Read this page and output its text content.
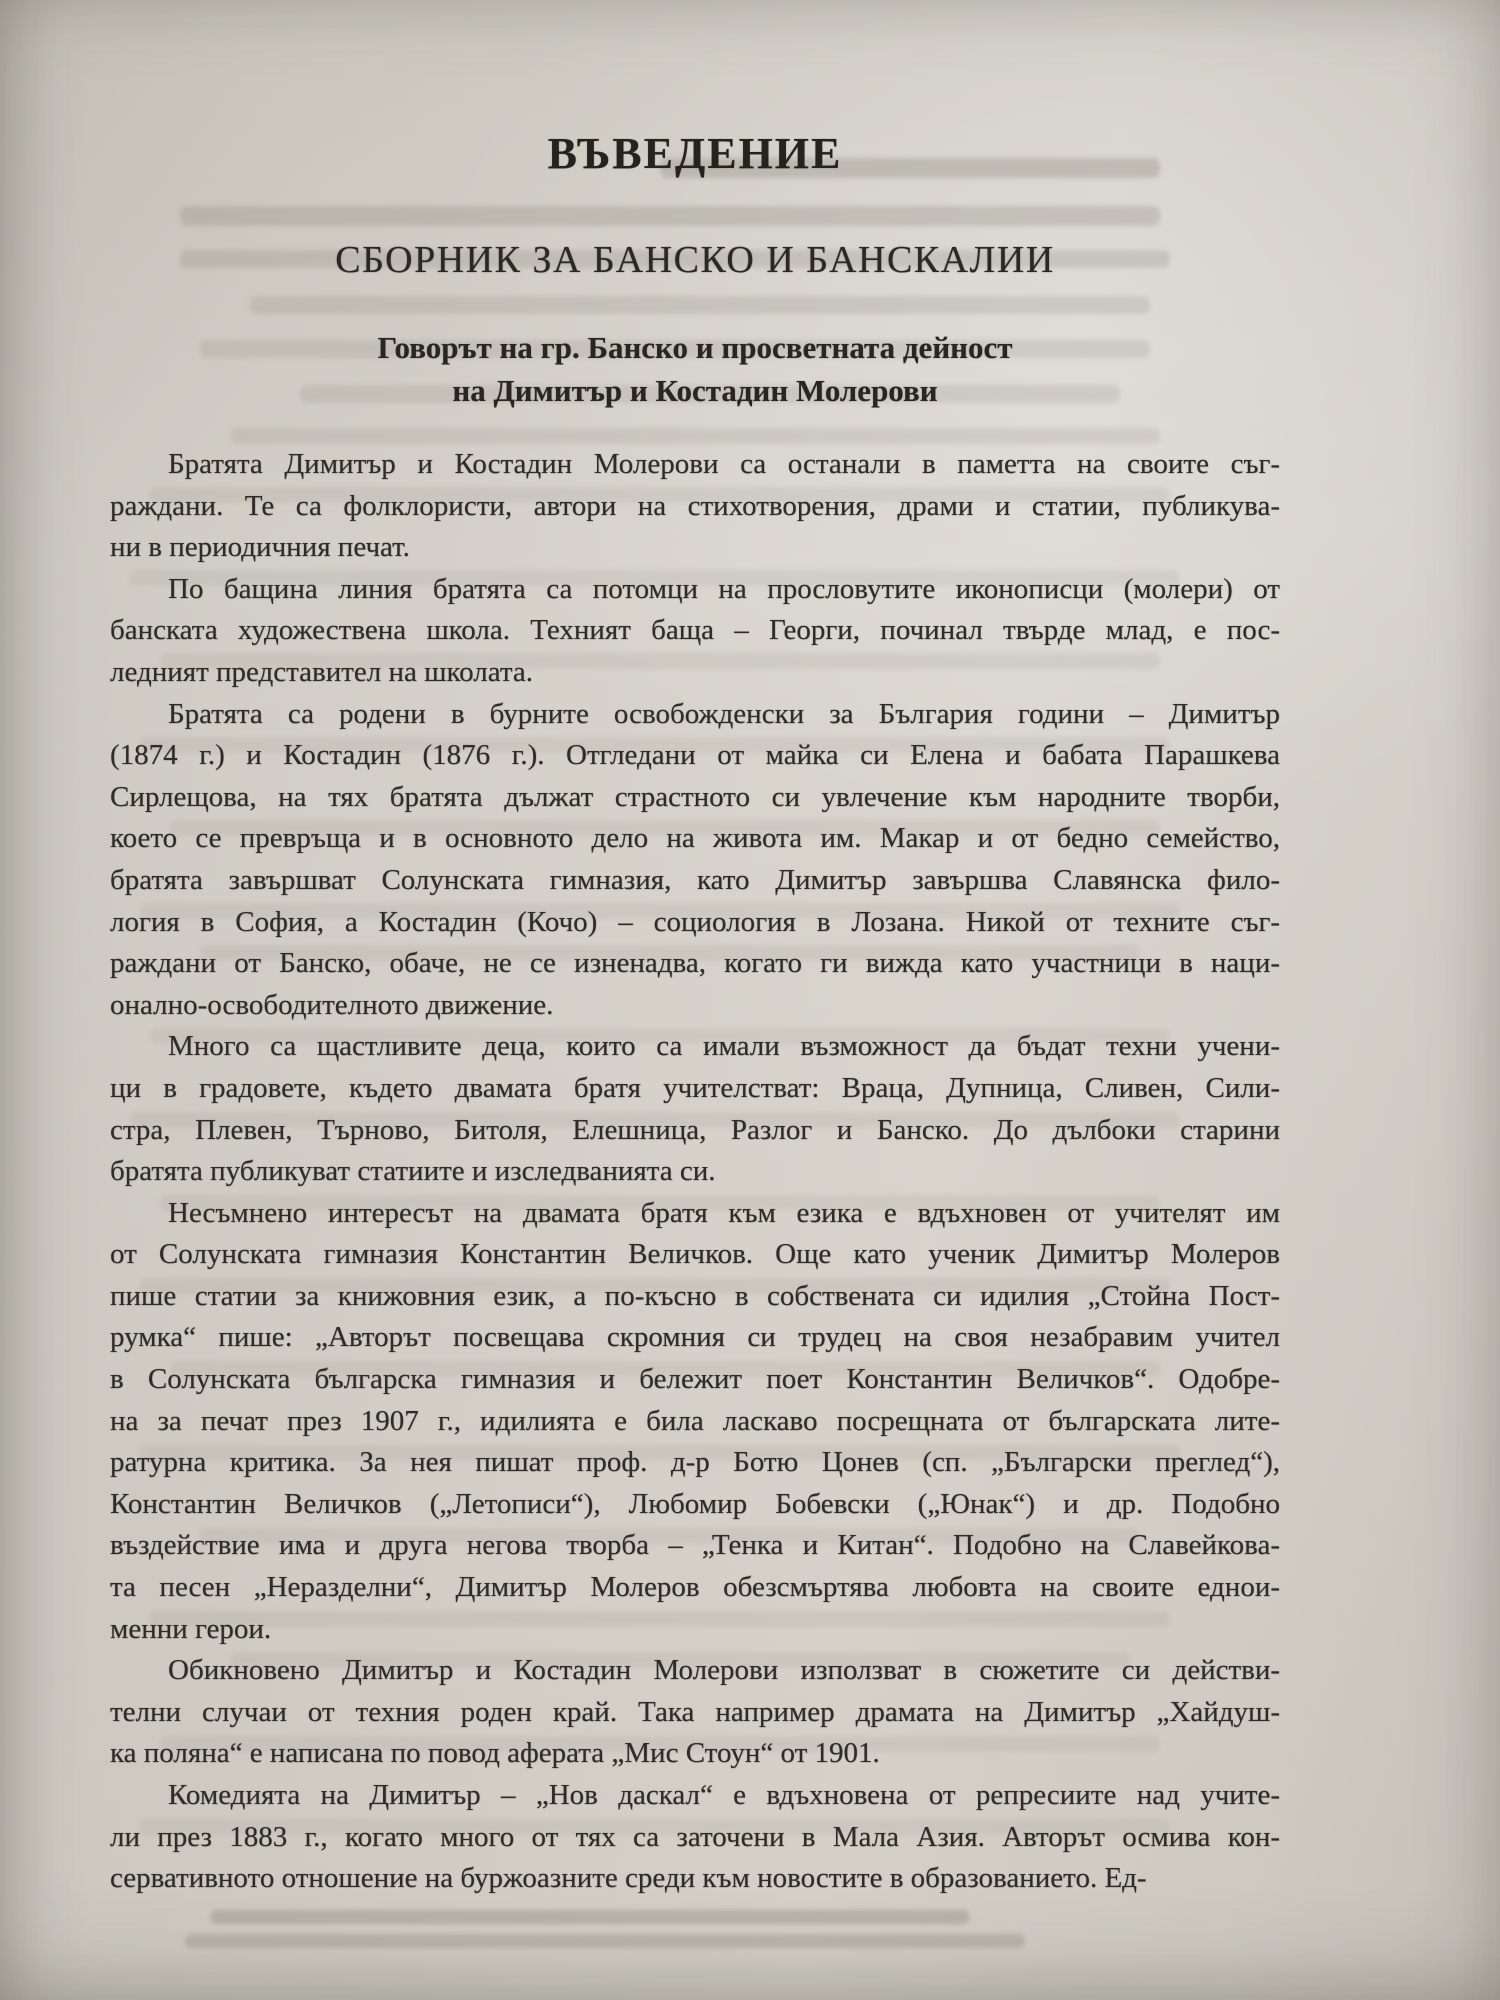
ВЪВЕДЕНИЕ
СБОРНИК ЗА БАНСКО И БАНСКАЛИИ
Говорът на гр. Банско и просветната дейност
на Димитър и Костадин Молерови
Братята Димитър и Костадин Молерови са останали в паметта на своите съг-
раждани. Те са фолклористи, автори на стихотворения, драми и статии, публикува-
ни в периодичния печат.
По бащина линия братята са потомци на прословутите иконописци (молери) от
банската художествена школа. Техният баща – Георги, починал твърде млад, е пос-
ледният представител на школата.
Братята са родени в бурните освобожденски за България години – Димитър
(1874 г.) и Костадин (1876 г.). Отгледани от майка си Елена и бабата Парашкева
Сирлещова, на тях братята дължат страстното си увлечение към народните творби,
което се превръща и в основното дело на живота им. Макар и от бедно семейство,
братята завършват Солунската гимназия, като Димитър завършва Славянска фило-
логия в София, а Костадин (Кочо) – социология в Лозана. Никой от техните съг-
раждани от Банско, обаче, не се изненадва, когато ги вижда като участници в наци-
онално-освободителното движение.
Много са щастливите деца, които са имали възможност да бъдат техни учени-
ци в градовете, където двамата братя учителстват: Враца, Дупница, Сливен, Сили-
стра, Плевен, Търново, Битоля, Елешница, Разлог и Банско. До дълбоки старини
братята публикуват статиите и изследванията си.
Несъмнено интересът на двамата братя към езика е вдъхновен от учителят им
от Солунската гимназия Константин Величков. Още като ученик Димитър Молеров
пише статии за книжовния език, а по-късно в собствената си идилия „Стойна Пост-
румка“ пише: „Авторът посвещава скромния си трудец на своя незабравим учител
в Солунската българска гимназия и бележит поет Константин Величков“. Одобре-
на за печат през 1907 г., идилията е била ласкаво посрещната от българската лите-
ратурна критика. За нея пишат проф. д-р Ботю Цонев (сп. „Български преглед“),
Константин Величков („Летописи“), Любомир Бобевски („Юнак“) и др. Подобно
въздействие има и друга негова творба – „Тенка и Китан“. Подобно на Славейкова-
та песен „Неразделни“, Димитър Молеров обезсмъртява любовта на своите еднои-
менни герои.
Обикновено Димитър и Костадин Молерови използват в сюжетите си действи-
телни случаи от техния роден край. Така например драмата на Димитър „Хайдуш-
ка поляна“ е написана по повод аферата „Мис Стоун“ от 1901.
Комедията на Димитър – „Нов даскал“ е вдъхновена от репресиите над учите-
ли през 1883 г., когато много от тях са заточени в Мала Азия. Авторът осмива кон-
сервативното отношение на буржоазните среди към новостите в образованието. Ед-
